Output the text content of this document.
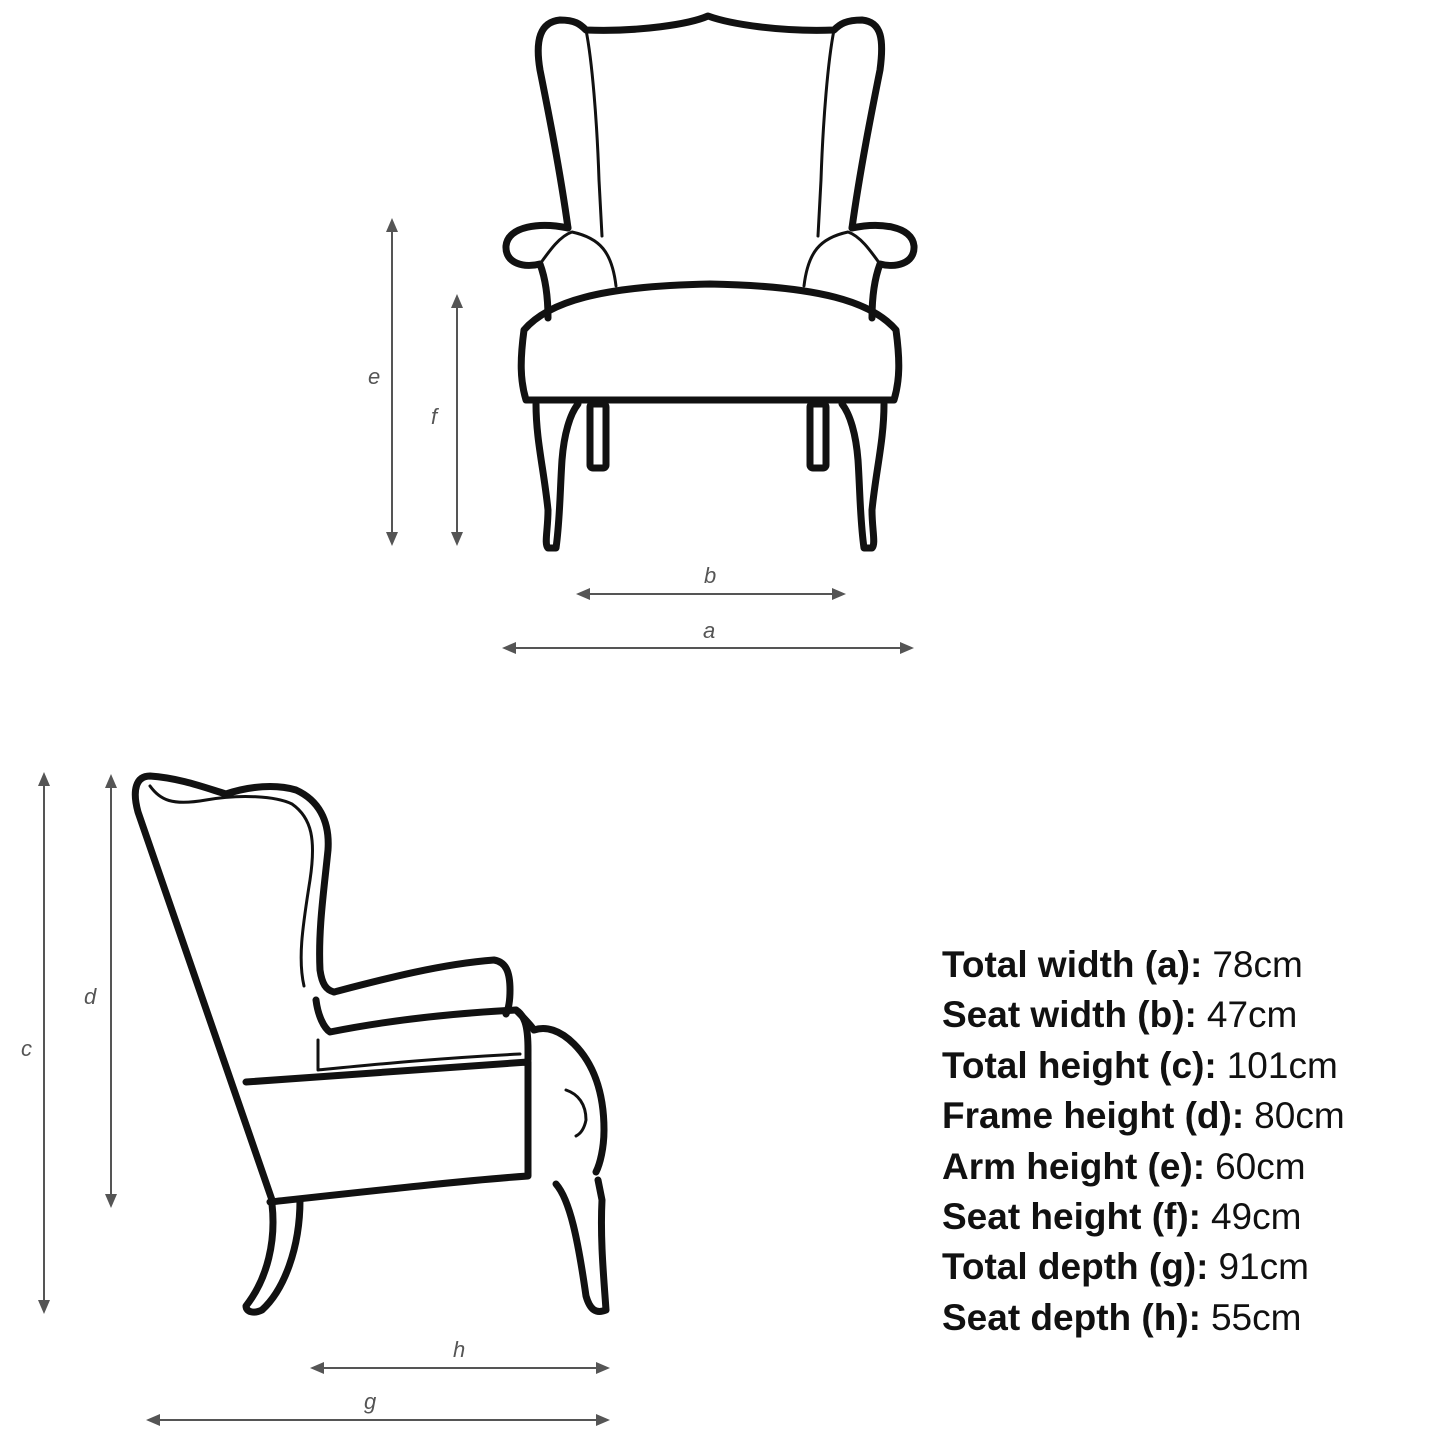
e
f
b
a
c
d
h
g
Total width (a): 78cm
Seat width (b): 47cm
Total height (c): 101cm
Frame height (d): 80cm
Arm height (e): 60cm
Seat height (f): 49cm
Total depth (g): 91cm
Seat depth (h): 55cm
